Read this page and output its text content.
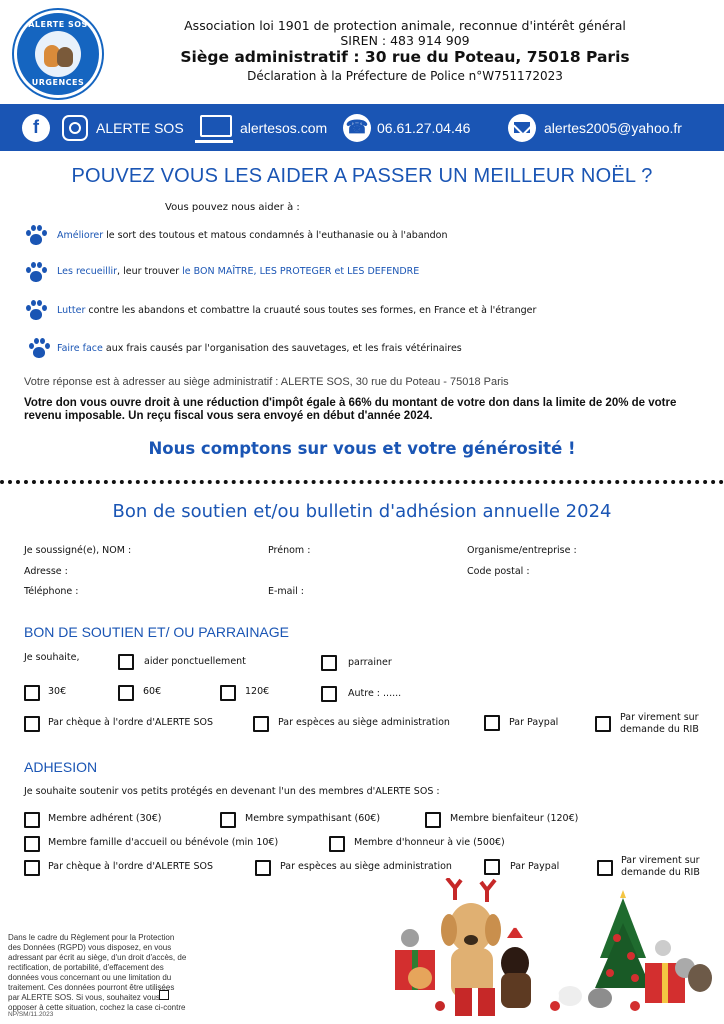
ALERTE SOS
URGENCES
Association loi 1901 de protection animale, reconnue d'intérêt général
SIREN : 483 914 909
Siège administratif : 30 rue du Poteau, 75018 Paris
Déclaration à la Préfecture de Police n°W751172023
f	ALERTE SOS	alertesos.com ☎ 06.61.27.04.46	alertes2005@yahoo.fr
POUVEZ VOUS LES AIDER A PASSER UN MEILLEUR NOËL ?
Vous pouvez nous aider à :
Améliorer le sort des toutous et matous condamnés à l'euthanasie ou à l'abandon
Les recueillir, leur trouver le BON MAÎTRE, LES PROTEGER et LES DEFENDRE
Lutter contre les abandons et combattre la cruauté sous toutes ses formes, en France et à l'étranger
Faire face aux frais causés par l'organisation des sauvetages, et les frais vétérinaires
Votre réponse est à adresser au siège administratif : ALERTE SOS, 30 rue du Poteau - 75018 Paris
Votre don vous ouvre droit à une réduction d'impôt égale à 66% du montant de votre don dans la limite de 20% de votre revenu imposable. Un reçu fiscal vous sera envoyé en début d'année 2024.
Nous comptons sur vous et votre générosité !
Bon de soutien et/ou bulletin d'adhésion annuelle 2024
Je soussigné(e), NOM :	Prénom :	Organisme/entreprise :
Adresse :	Code postal :
Téléphone :	E-mail :
BON DE SOUTIEN ET/ OU PARRAINAGE
Je souhaite,	aider ponctuellement	parrainer
30€	60€	120€	Autre : ......
Par chèque à l'ordre d'ALERTE SOS	Par espèces au siège administration	Par Paypal	Par virement sur
demande du RIB
ADHESION
Je souhaite soutenir vos petits protégés en devenant l'un des membres d'ALERTE SOS :
Membre adhérent (30€)	Membre sympathisant (60€)	Membre bienfaiteur (120€)
Membre famille d'accueil ou bénévole (min 10€)	Membre d'honneur à vie (500€)
Par chèque à l'ordre d'ALERTE SOS	Par espèces au siège administration	Par Paypal
Par virement sur
demande du RIB
Dans le cadre du Règlement pour la Protection des Données (RGPD) vous disposez, en vous adressant par écrit au siège, d'un droit d'accès, de rectification, de portabilité, d'effacement des données vous concernant ou une limitation du traitement. Ces données pourront être utilisées par ALERTE SOS. Si vous, souhaitez vous opposer à cette situation, cochez la case ci-contre
NP/SM/11.2023
